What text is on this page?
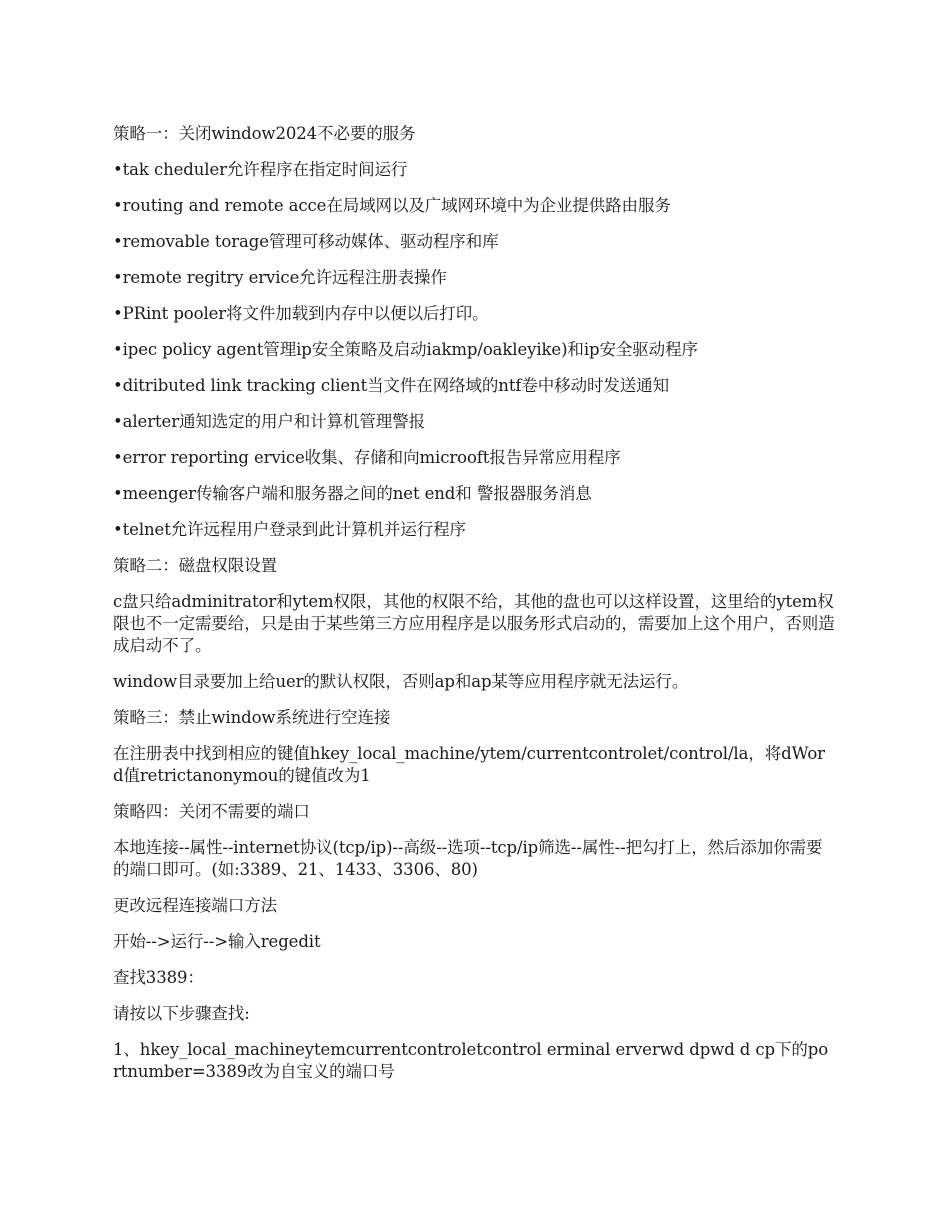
策略一：关闭window2024不必要的服务

•tak cheduler允许程序在指定时间运行

•routing and remote acce在局域网以及广域网环境中为企业提供路由服务

•removable torage管理可移动媒体、驱动程序和库

•remote regitry ervice允许远程注册表操作

•PRint pooler将文件加载到内存中以便以后打印。

•ipec policy agent管理ip安全策略及启动iakmp/oakleyike)和ip安全驱动程序

•ditributed link tracking client当文件在网络域的ntf卷中移动时发送通知

•alerter通知选定的用户和计算机管理警报

•error reporting ervice收集、存储和向microoft报告异常应用程序

•meenger传输客户端和服务器之间的net end和 警报器服务消息

•telnet允许远程用户登录到此计算机并运行程序

策略二：磁盘权限设置

c盘只给adminitrator和ytem权限，其他的权限不给，其他的盘也可以这样设置，这里给的ytem权限也不一定需要给，只是由于某些第三方应用程序是以服务形式启动的，需要加上这个用户，否则造成启动不了。

window目录要加上给uer的默认权限，否则ap和ap某等应用程序就无法运行。

策略三：禁止window系统进行空连接

在注册表中找到相应的键值hkey_local_machine/ytem/currentcontrolet/control/la，将dWord值retrictanonymou的键值改为1

策略四：关闭不需要的端口

本地连接--属性--internet协议(tcp/ip)--高级--选项--tcp/ip筛选--属性--把勾打上，然后添加你需要的端口即可。(如:3389、21、1433、3306、80)

更改远程连接端口方法

开始-->运行-->输入regedit

查找3389：

请按以下步骤查找:

1、hkey_local_machineytemcurrentcontroletcontrol erminal erverwd dpwd d cp下的portnumber=3389改为自宝义的端口号
